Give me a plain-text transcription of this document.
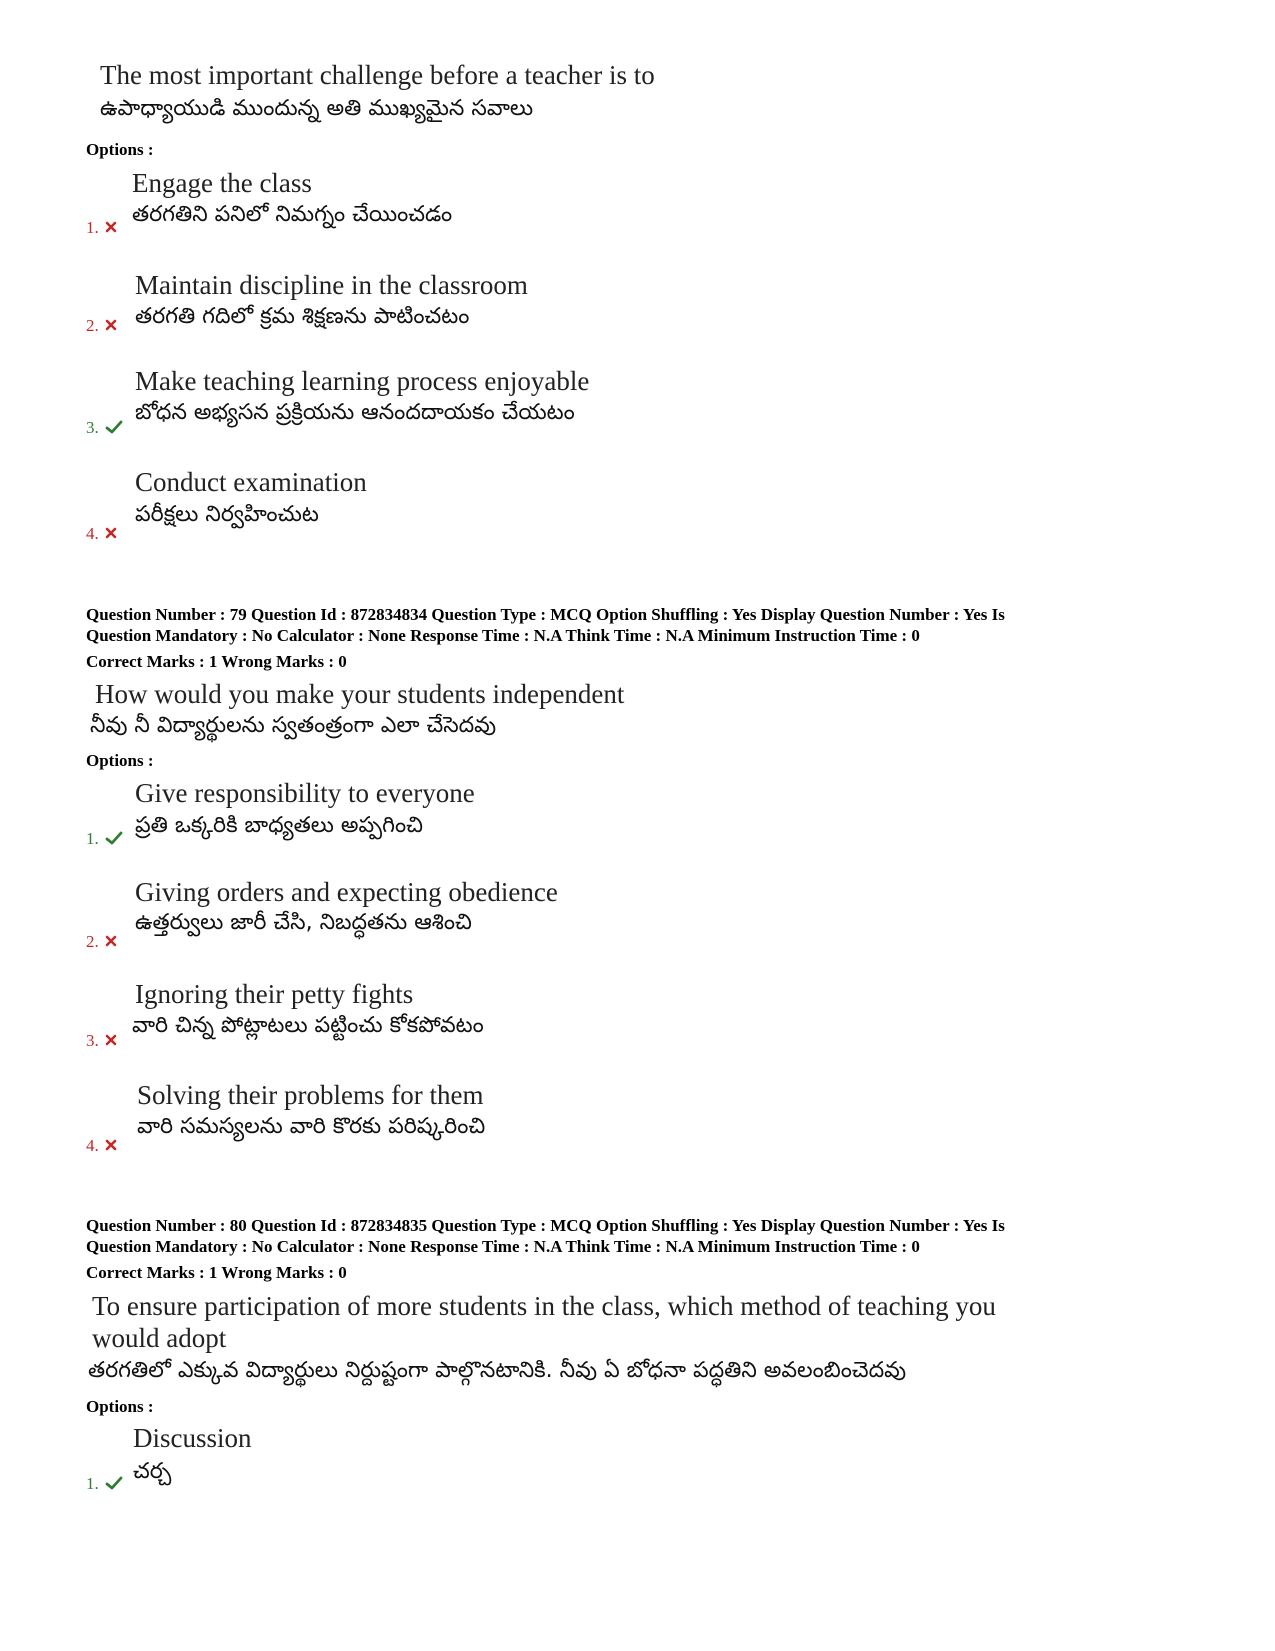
The most important challenge before a teacher is to
ఉపాధ్యాయుడి ముందున్న అతి ముఖ్యమైన సవాలు
Options :
Engage the class
తరగతిని పనిలో నిమగ్నం చేయించడం
1.
Maintain discipline in the classroom
తరగతి గదిలో క్రమ శిక్షణను పాటించటం
2.
Make teaching learning process enjoyable
బోధన అభ్యసన ప్రక్రియను ఆనందదాయకం చేయటం
3.
Conduct examination
పరీక్షలు నిర్వహించుట
4.
Question Number : 79 Question Id : 872834834 Question Type : MCQ Option Shuffling : Yes Display Question Number : Yes Is
Question Mandatory : No Calculator : None Response Time : N.A Think Time : N.A Minimum Instruction Time : 0
Correct Marks : 1 Wrong Marks : 0
How would you make your students independent
నీవు నీ విద్యార్థులను స్వతంత్రంగా ఎలా చేసెదవు
Options :
Give responsibility to everyone
ప్రతి ఒక్కరికి బాధ్యతలు అప్పగించి
1.
Giving orders and expecting obedience
ఉత్తర్వులు జారీ చేసి, నిబద్ధతను ఆశించి
2.
Ignoring their petty fights
వారి చిన్న పోట్లాటలు పట్టించు కోకపోవటం
3.
Solving their problems for them
వారి సమస్యలను వారి కొరకు పరిష్కరించి
4.
Question Number : 80 Question Id : 872834835 Question Type : MCQ Option Shuffling : Yes Display Question Number : Yes Is
Question Mandatory : No Calculator : None Response Time : N.A Think Time : N.A Minimum Instruction Time : 0
Correct Marks : 1 Wrong Marks : 0
To ensure participation of more students in the class, which method of teaching you
would adopt
తరగతిలో ఎక్కువ విద్యార్థులు నిర్దుష్టంగా పాల్గొనటానికి. నీవు ఏ బోధనా పద్ధతిని అవలంబించెదవు
Options :
Discussion
చర్చ
1.
